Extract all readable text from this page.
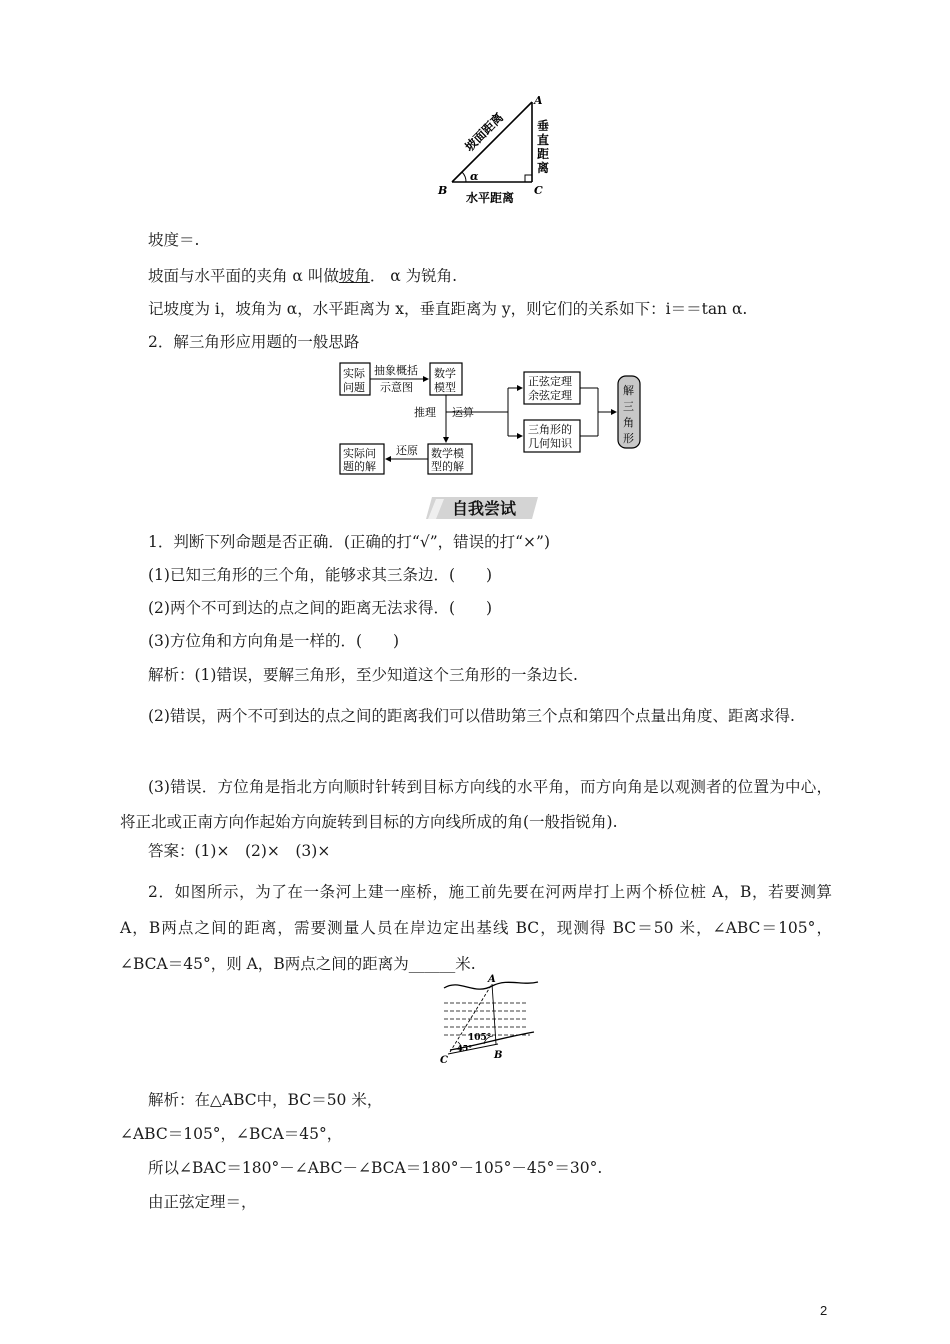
A
B	C
α
坡面距离	垂
直
距
离
水平距离
坡度＝.
坡面与水平面的夹角 α 叫做坡角． α 为锐角.
记坡度为 i，坡角为 α，水平距离为 x，垂直距离为 y，则它们的关系如下：i＝＝tan α.
2．解三角形应用题的一般思路
实际
问题
抽象概括
示意图
数学
模型
推理 运算
正弦定理
余弦定理
三角形的
几何知识
解
三
角
形
数学模
型的解
还原
实际问
题的解
自我尝试
1．判断下列命题是否正确．(正确的打“√”，错误的打“×”)
(1)已知三角形的三个角，能够求其三条边．(　　)
(2)两个不可到达的点之间的距离无法求得．(　　)
(3)方位角和方向角是一样的．(　　)
解析：(1)错误，要解三角形，至少知道这个三角形的一条边长.
(2)错误，两个不可到达的点之间的距离我们可以借助第三个点和第四个点量出角度、距离求得.
(3)错误．方位角是指北方向顺时针转到目标方向线的水平角，而方向角是以观测者的位置为中心，将正北或正南方向作起始方向旋转到目标的方向线所成的角(一般指锐角).
答案：(1)×　(2)×　(3)×
2．如图所示，为了在一条河上建一座桥，施工前先要在河两岸打上两个桥位桩 A，B，若要测算A，B两点之间的距离，需要测量人员在岸边定出基线 BC，现测得 BC＝50 米，∠ABC＝105°，∠BCA＝45°，则 A，B两点之间的距离为______米.
A
B
C
105°
45°
解析：在△ABC中，BC＝50 米，
∠ABC＝105°，∠BCA＝45°，
所以∠BAC＝180°－∠ABC－∠BCA＝180°－105°－45°＝30°.
由正弦定理＝，
2
